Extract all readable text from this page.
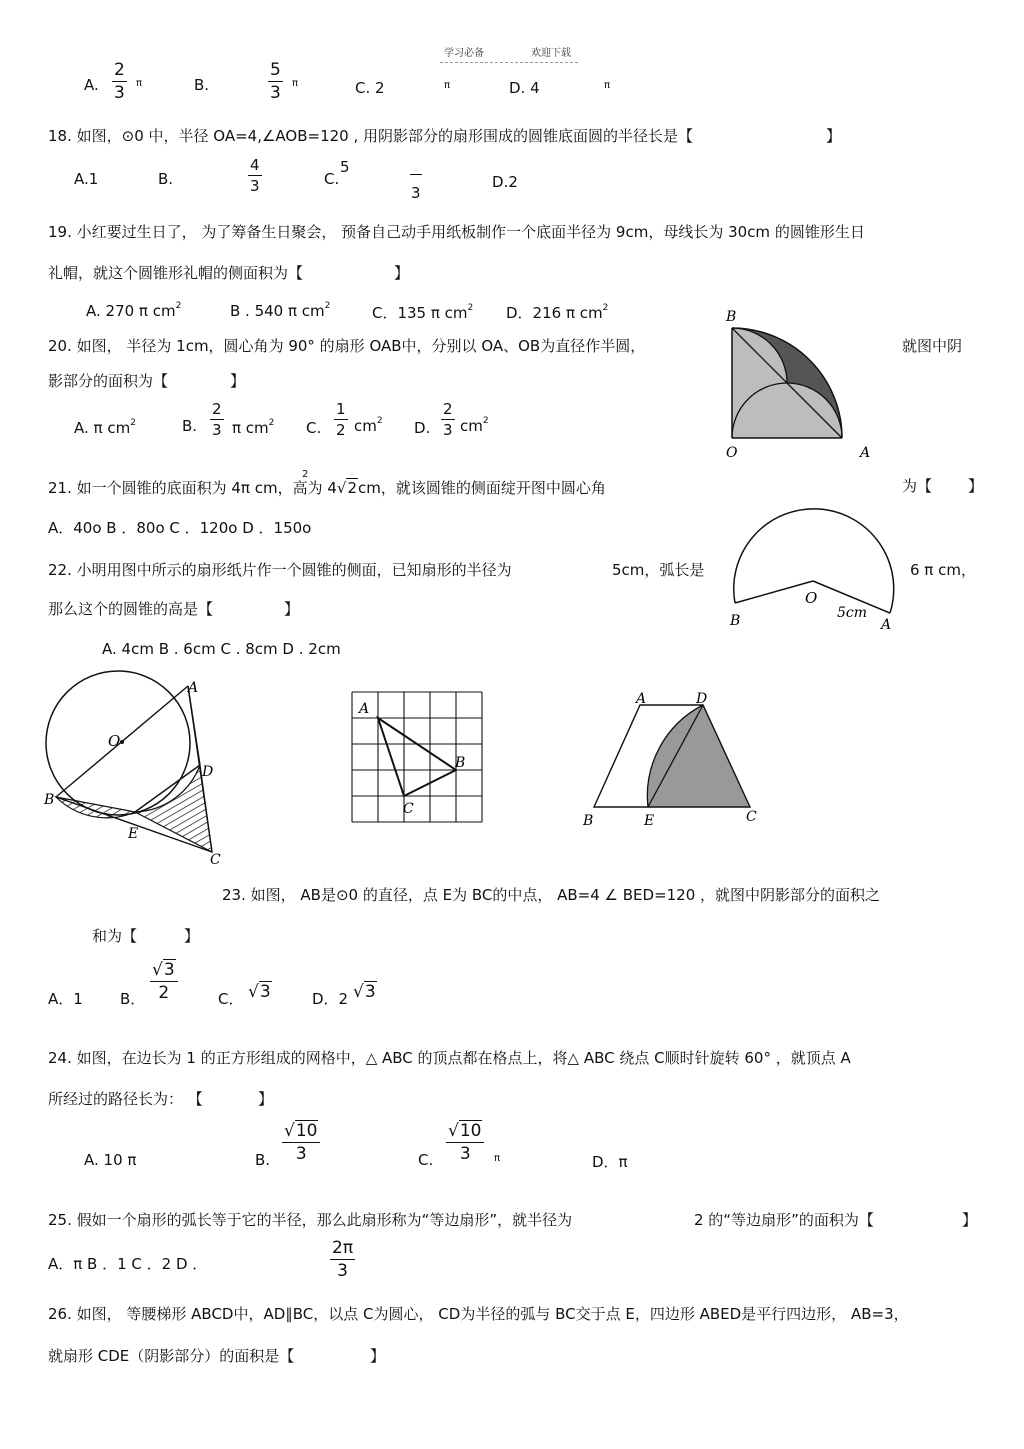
学习必备	欢迎下载
A. $\frac{2}{3}$ π	B.	$\frac{5}{3}$ π	C. 2	π	D. 4	π
18. 如图，⊙0 中，半径 OA=4,∠AOB=120 , 用阴影部分的扇形围成的圆锥底面圆的半径长是【	】
A.1	B.	$\frac{4}{3}$	C.
5
3
D.2
19. 小红要过生日了， 为了筹备生日聚会， 预备自己动手用纸板制作一个底面半径为 9cm，母线长为 30cm 的圆锥形生日
礼帽，就这个圆锥形礼帽的侧面积为【	】
A. 270 π $cm^2$	B . 540 π $cm^2$	C．135 π $cm^2$ D．216 π $cm^2$
B
O	A
20. 如图， 半径为 1cm，圆心角为 90° 的扇形 OAB中，分别以 OA、OB为直径作半圆，	就图中阴
影部分的面积为【	】
A. π $cm^2$	B. $\frac{2}{3}$ π $cm^2$ C. $\frac{1}{2} cm^2$ D. $\frac{2}{3} cm^2$
21. 如一个圆锥的底面积为 4π cm，高为 4√2cm，就该圆锥的侧面绽开图中圆心角
2
为【 】
A．40o B ．80o C ．120o D ．150o
B
O
5cm
A
22. 小明用图中所示的扇形纸片作一个圆锥的侧面，已知扇形的半径为	5cm，弧长是	6 π cm，
那么这个的圆锥的高是【	】
A. 4cm B . 6cm C . 8cm D . 2cm
O
A
B
D
E
C
A
B
C
A	D
B	E	C
23. 如图， AB是⊙0 的直径，点 E为 BC的中点， AB=4 ∠ BED=120 ，就图中阴影部分的面积之
和为【	】
A．1 B． $\frac{√3}{2}$	C． √3	D．2 √3
24. 如图，在边长为 1 的正方形组成的网格中，△ ABC 的顶点都在格点上，将△ ABC 绕点 C顺时针旋转 60° ，就顶点 A
所经过的路径长为： 【	】
A. 10 π	B. $\frac{√10}{3}$	C. $\frac{√10}{3}$ π	D．π
25. 假如一个扇形的弧长等于它的半径，那么此扇形称为“等边扇形”，就半径为	2 的“等边扇形”的面积为【	】
A．π B ．1 C ．2 D ．	$\frac{2\pi}{3}$
26. 如图， 等腰梯形 ABCD中，AD∥BC，以点 C为圆心， CD为半径的弧与 BC交于点 E，四边形 ABED是平行四边形， AB=3，
就扇形 CDE（阴影部分）的面积是【	】
